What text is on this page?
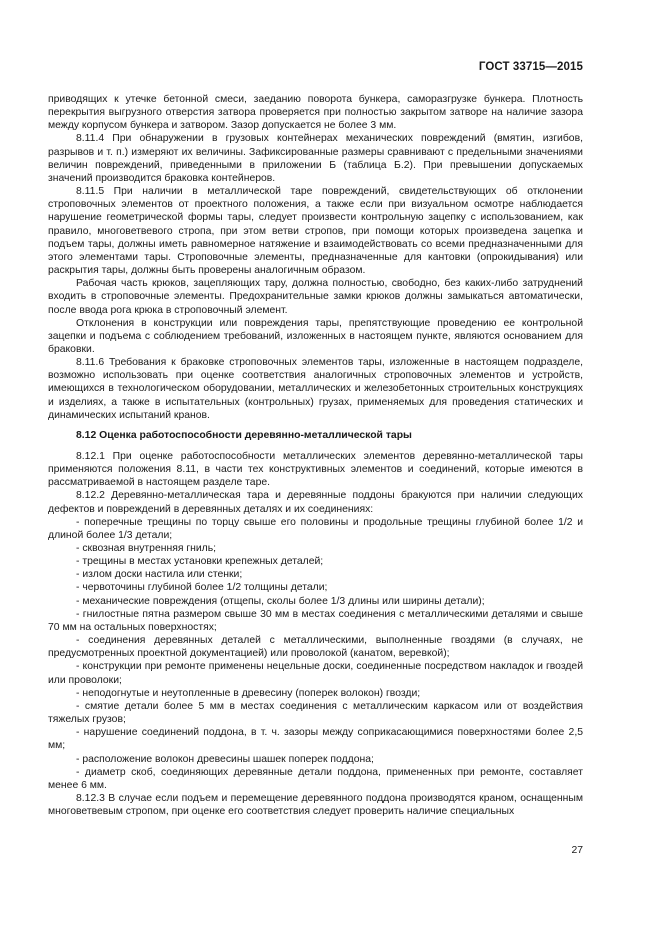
ГОСТ 33715—2015

приводящих к утечке бетонной смеси, заеданию поворота бункера, саморазгрузке бункера. Плотность перекрытия выгрузного отверстия затвора проверяется при полностью закрытом затворе на наличие зазора между корпусом бункера и затвором. Зазор допускается не более 3 мм.

8.11.4 При обнаружении в грузовых контейнерах механических повреждений (вмятин, изгибов, разрывов и т. п.) измеряют их величины. Зафиксированные размеры сравнивают с предельными значениями величин повреждений, приведенными в приложении Б (таблица Б.2). При превышении допускаемых значений производится браковка контейнеров.

8.11.5 При наличии в металлической таре повреждений, свидетельствующих об отклонении строповочных элементов от проектного положения, а также если при визуальном осмотре наблюдается нарушение геометрической формы тары, следует произвести контрольную зацепку с использованием, как правило, многоветвевого стропа, при этом ветви стропов, при помощи которых произведена зацепка и подъем тары, должны иметь равномерное натяжение и взаимодействовать со всеми предназначенными для этого элементами тары. Строповочные элементы, предназначенные для кантовки (опрокидывания) или раскрытия тары, должны быть проверены аналогичным образом.

Рабочая часть крюков, зацепляющих тару, должна полностью, свободно, без каких-либо затруднений входить в строповочные элементы. Предохранительные замки крюков должны замыкаться автоматически, после ввода рога крюка в строповочный элемент.

Отклонения в конструкции или повреждения тары, препятствующие проведению ее контрольной зацепки и подъема с соблюдением требований, изложенных в настоящем пункте, являются основанием для браковки.

8.11.6 Требования к браковке строповочных элементов тары, изложенные в настоящем подразделе, возможно использовать при оценке соответствия аналогичных строповочных элементов и устройств, имеющихся в технологическом оборудовании, металлических и железобетонных строительных конструкциях и изделиях, а также в испытательных (контрольных) грузах, применяемых для проведения статических и динамических испытаний кранов.

8.12 Оценка работоспособности деревянно-металлической тары

8.12.1 При оценке работоспособности металлических элементов деревянно-металлической тары применяются положения 8.11, в части тех конструктивных элементов и соединений, которые имеются в рассматриваемой в настоящем разделе таре.

8.12.2 Деревянно-металлическая тара и деревянные поддоны бракуются при наличии следующих дефектов и повреждений в деревянных деталях и их соединениях:

- поперечные трещины по торцу свыше его половины и продольные трещины глубиной более 1/2 и длиной более 1/3 детали;

- сквозная внутренняя гниль;

- трещины в местах установки крепежных деталей;

- излом доски настила или стенки;

- червоточины глубиной более 1/2 толщины детали;

- механические повреждения (отщепы, сколы более 1/3 длины или ширины детали);

- гнилостные пятна размером свыше 30 мм в местах соединения с металлическими деталями и свыше 70 мм на остальных поверхностях;

- соединения деревянных деталей с металлическими, выполненные гвоздями (в случаях, не предусмотренных проектной документацией) или проволокой (канатом, веревкой);

- конструкции при ремонте применены нецельные доски, соединенные посредством накладок и гвоздей или проволоки;

- неподогнутые и неутопленные в древесину (поперек волокон) гвозди;

- смятие детали более 5 мм в местах соединения с металлическим каркасом или от воздействия тяжелых грузов;

- нарушение соединений поддона, в т. ч. зазоры между соприкасающимися поверхностями более 2,5 мм;

- расположение волокон древесины шашек поперек поддона;

- диаметр скоб, соединяющих деревянные детали поддона, примененных при ремонте, составляет менее 6 мм.

8.12.3 В случае если подъем и перемещение деревянного поддона производятся краном, оснащенным многоветвевым стропом, при оценке его соответствия следует проверить наличие специальных

27
